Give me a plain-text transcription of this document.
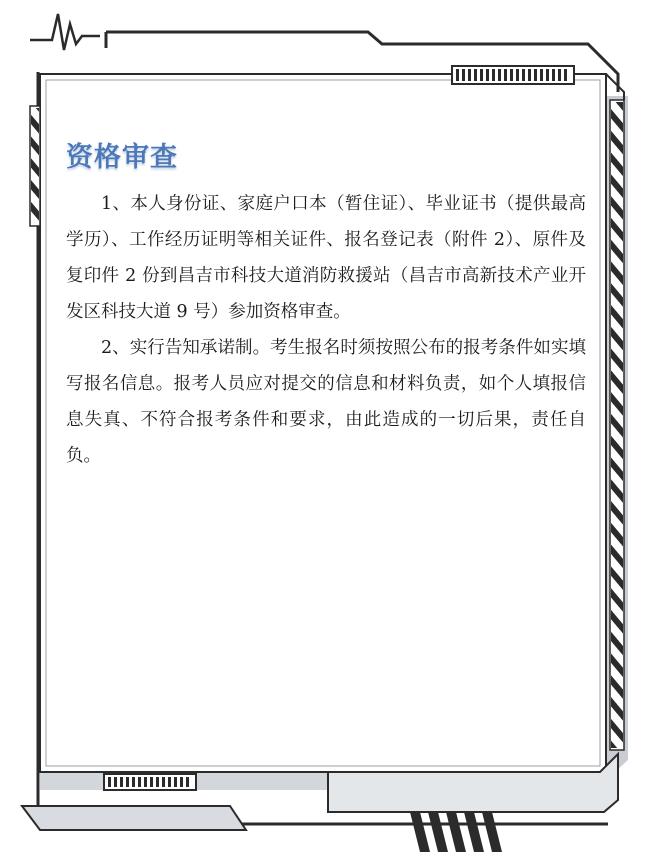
资格审查

1、本人身份证、家庭户口本（暂住证）、毕业证书（提供最高学历）、工作经历证明等相关证件、报名登记表（附件 2）、原件及复印件 2 份到昌吉市科技大道消防救援站（昌吉市高新技术产业开发区科技大道 9 号）参加资格审查。

2、实行告知承诺制。考生报名时须按照公布的报考条件如实填写报名信息。报考人员应对提交的信息和材料负责，如个人填报信息失真、不符合报考条件和要求，由此造成的一切后果，责任自负。
